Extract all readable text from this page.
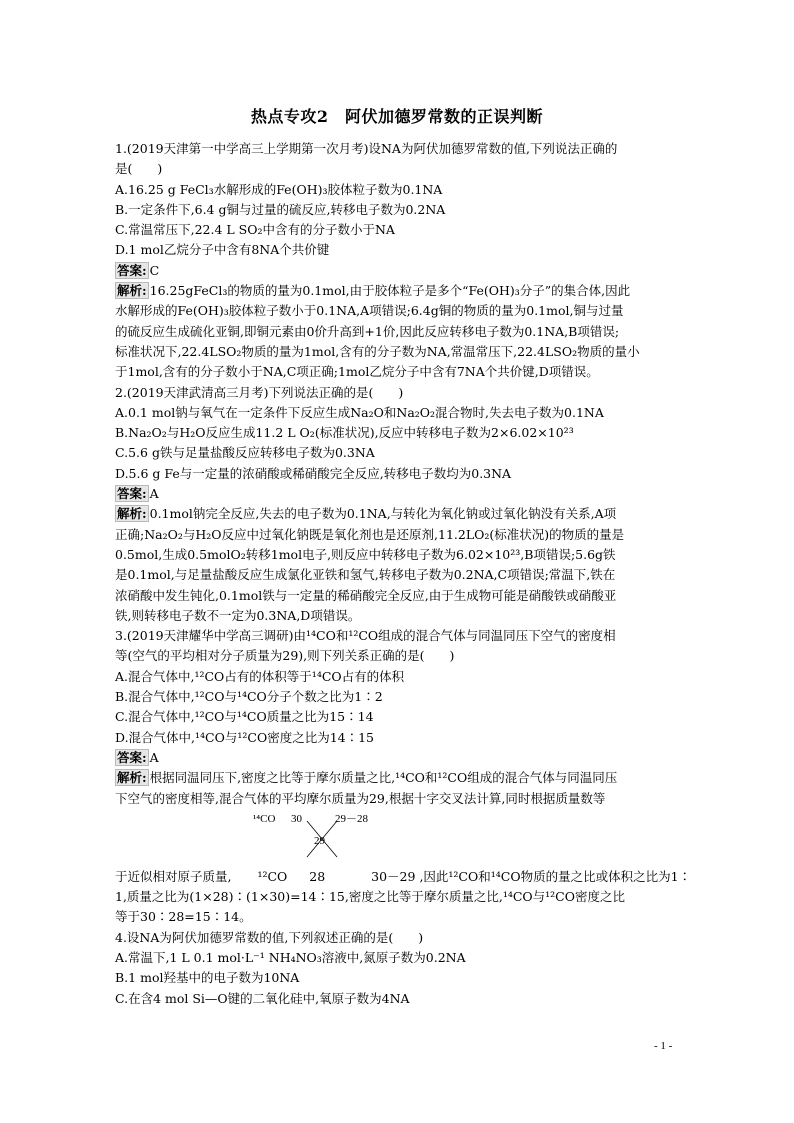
热点专攻2　阿伏加德罗常数的正误判断
1.(2019天津第一中学高三上学期第一次月考)设NA为阿伏加德罗常数的值,下列说法正确的
是(　　)
A.16.25 g FeCl₃水解形成的Fe(OH)₃胶体粒子数为0.1NA
B.一定条件下,6.4 g铜与过量的硫反应,转移电子数为0.2NA
C.常温常压下,22.4 L SO₂中含有的分子数小于NA
D.1 mol乙烷分子中含有8NA个共价键
答案: C
解析: 16.25gFeCl₃的物质的量为0.1mol,由于胶体粒子是多个“Fe(OH)₃分子”的集合体,因此
水解形成的Fe(OH)₃胶体粒子数小于0.1NA,A项错误;6.4g铜的物质的量为0.1mol,铜与过量
的硫反应生成硫化亚铜,即铜元素由0价升高到+1价,因此反应转移电子数为0.1NA,B项错误;
标准状况下,22.4LSO₂物质的量为1mol,含有的分子数为NA,常温常压下,22.4LSO₂物质的量小
于1mol,含有的分子数小于NA,C项正确;1mol乙烷分子中含有7NA个共价键,D项错误。
2.(2019天津武清高三月考)下列说法正确的是(　　)
A.0.1 mol钠与氧气在一定条件下反应生成Na₂O和Na₂O₂混合物时,失去电子数为0.1NA
B.Na₂O₂与H₂O反应生成11.2 L O₂(标准状况),反应中转移电子数为2×6.02×10²³
C.5.6 g铁与足量盐酸反应转移电子数为0.3NA
D.5.6 g Fe与一定量的浓硝酸或稀硝酸完全反应,转移电子数均为0.3NA
答案: A
解析: 0.1mol钠完全反应,失去的电子数为0.1NA,与转化为氧化钠或过氧化钠没有关系,A项
正确;Na₂O₂与H₂O反应中过氧化钠既是氧化剂也是还原剂,11.2LO₂(标准状况)的物质的量是
0.5mol,生成0.5molO₂转移1mol电子,则反应中转移电子数为6.02×10²³,B项错误;5.6g铁
是0.1mol,与足量盐酸反应生成氯化亚铁和氢气,转移电子数为0.2NA,C项错误;常温下,铁在
浓硝酸中发生钝化,0.1mol铁与一定量的稀硝酸完全反应,由于生成物可能是硝酸铁或硝酸亚
铁,则转移电子数不一定为0.3NA,D项错误。
3.(2019天津耀华中学高三调研)由¹⁴CO和¹²CO组成的混合气体与同温同压下空气的密度相
等(空气的平均相对分子质量为29),则下列关系正确的是(　　)
A.混合气体中,¹²CO占有的体积等于¹⁴CO占有的体积
B.混合气体中,¹²CO与¹⁴CO分子个数之比为1∶2
C.混合气体中,¹²CO与¹⁴CO质量之比为15∶14
D.混合气体中,¹⁴CO与¹²CO密度之比为14∶15
答案: A
解析: 根据同温同压下,密度之比等于摩尔质量之比,¹⁴CO和¹²CO组成的混合气体与同温同压
下空气的密度相等,混合气体的平均摩尔质量为29,根据十字交叉法计算,同时根据质量数等
¹⁴CO 30	29－28
29
于近似相对原子质量, ¹²CO 28	30－29 ,因此¹²CO和¹⁴CO物质的量之比或体积之比为1∶
1,质量之比为(1×28)∶(1×30)=14∶15,密度之比等于摩尔质量之比,¹⁴CO与¹²CO密度之比
等于30∶28=15∶14。
4.设NA为阿伏加德罗常数的值,下列叙述正确的是(　　)
A.常温下,1 L 0.1 mol·L⁻¹ NH₄NO₃溶液中,氮原子数为0.2NA
B.1 mol羟基中的电子数为10NA
C.在含4 mol Si—O键的二氧化硅中,氧原子数为4NA
- 1 -
